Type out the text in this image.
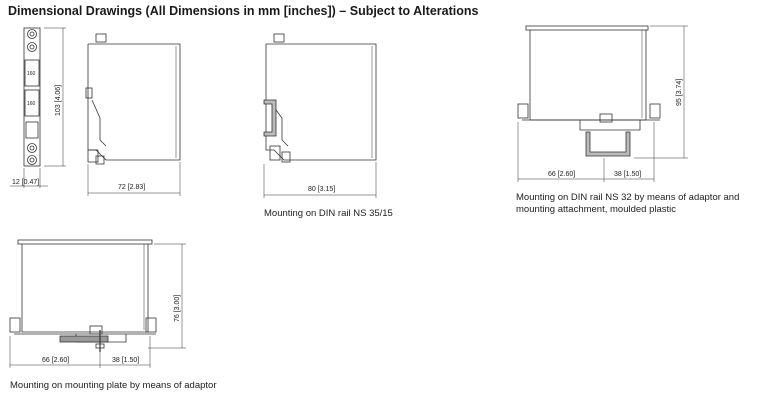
Dimensional Drawings (All Dimensions in mm [inches]) – Subject to Alterations
160
160	103 [4.06]
12 [0.47]
72 [2.83]	80 [3.15]
95 [3.74]
66 [2.60]	38 [1.50]
76 [3.00]
66 [2.60]	38 [1.50]
Mounting on DIN rail NS 35/15
Mounting on DIN rail NS 32 by means of adaptor and
mounting attachment, moulded plastic
Mounting on mounting plate by means of adaptor
